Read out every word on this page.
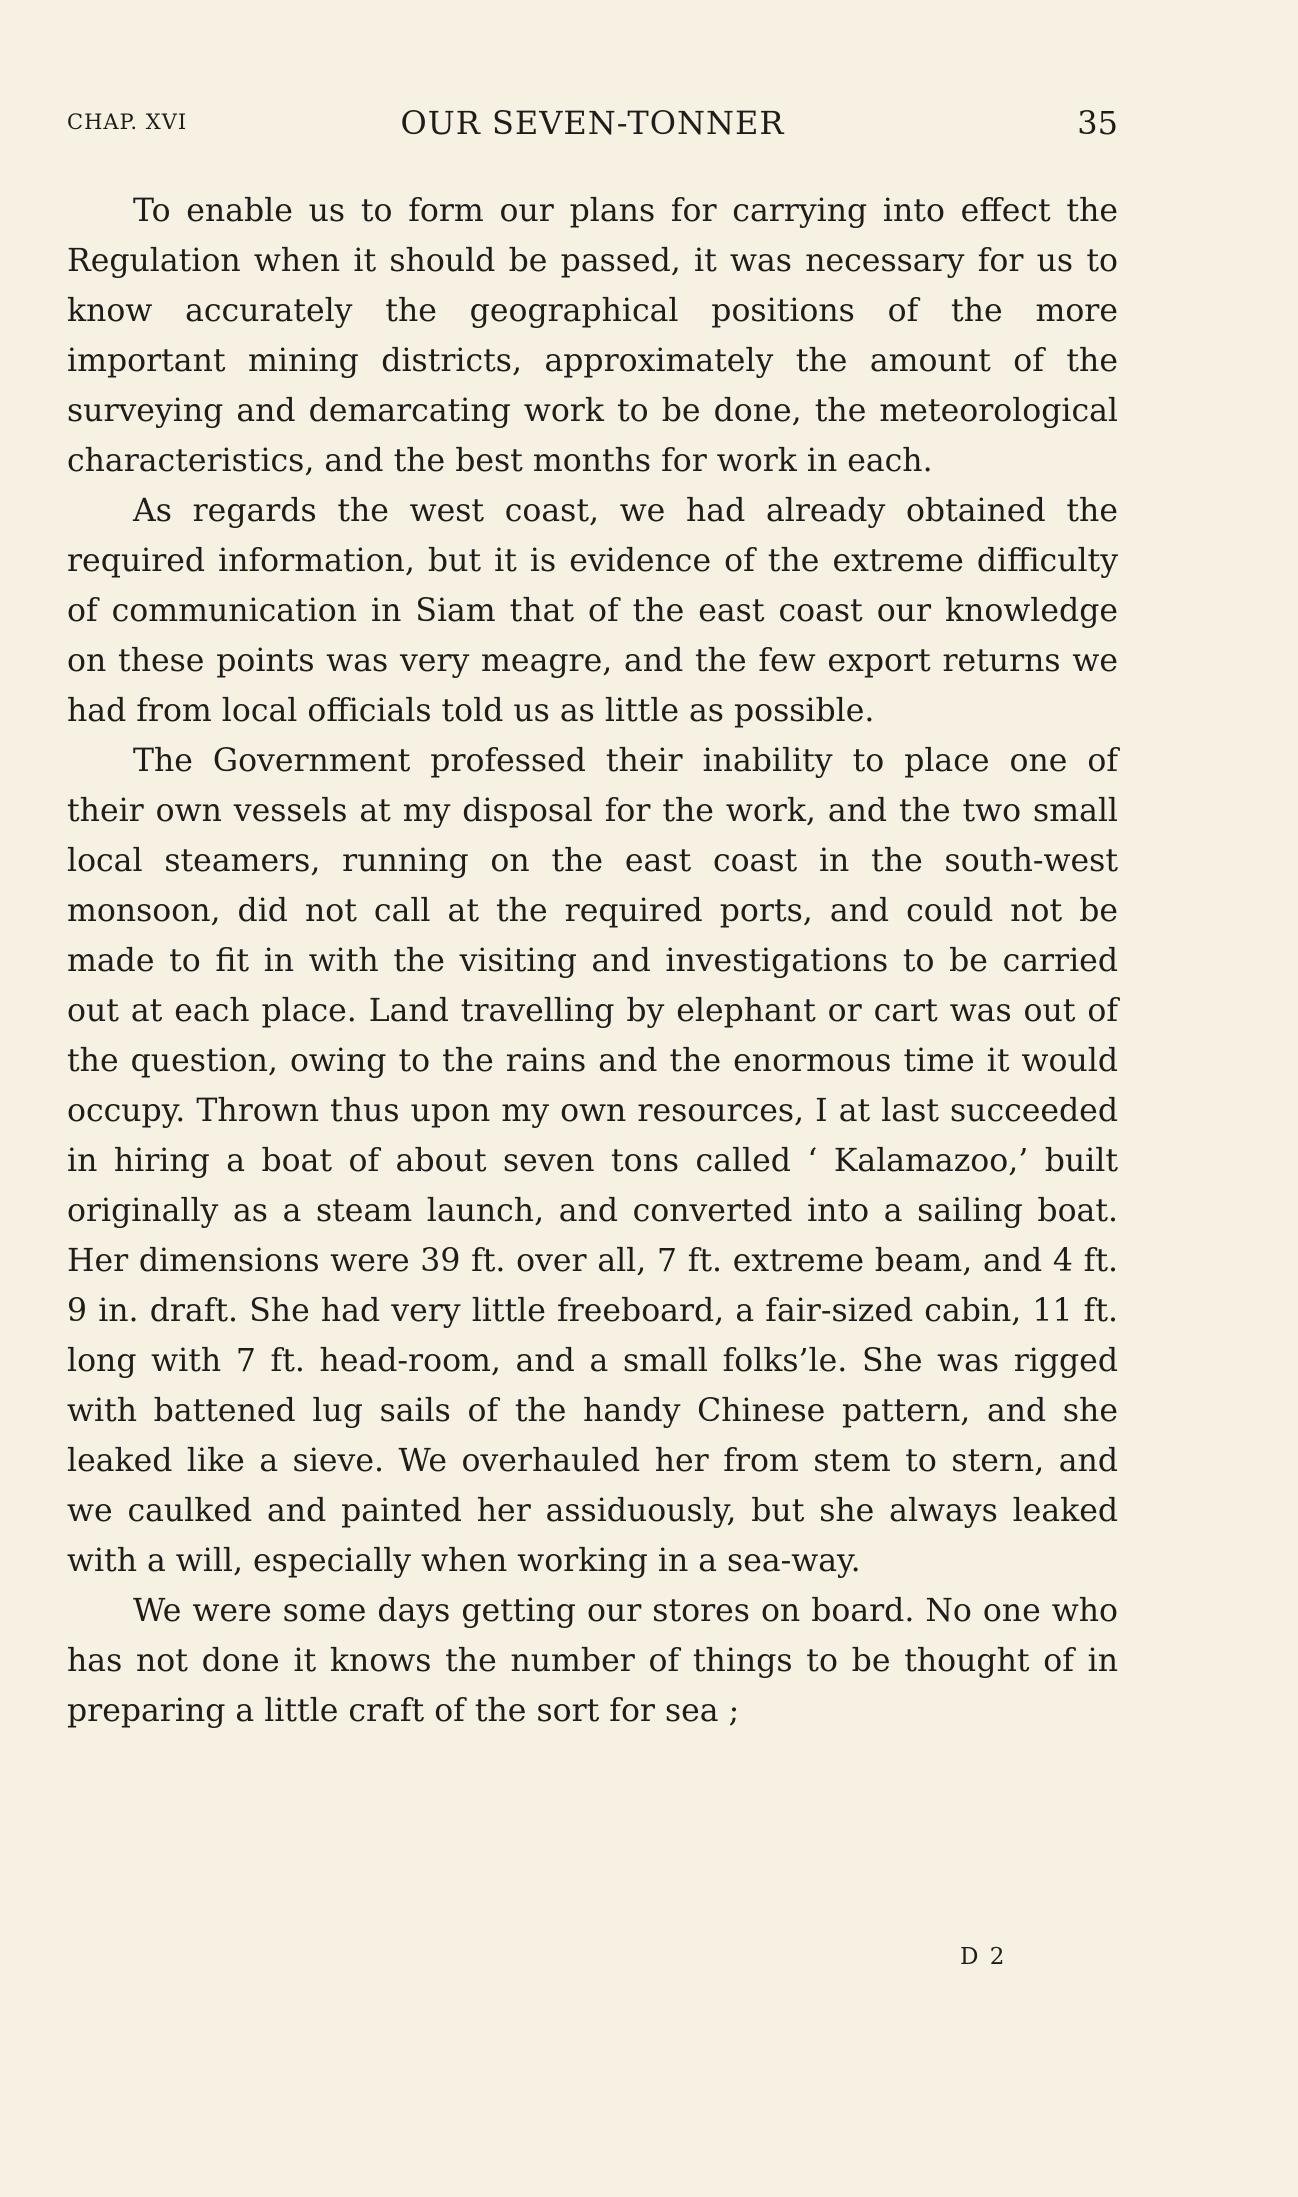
CHAP. XVI	OUR SEVEN-TONNER	35

To enable us to form our plans for carrying into effect the Regulation when it should be passed, it was necessary for us to know accurately the geographical positions of the more important mining districts, approximately the amount of the surveying and demarcating work to be done, the meteorological characteristics, and the best months for work in each.

As regards the west coast, we had already obtained the required information, but it is evidence of the extreme difficulty of communication in Siam that of the east coast our knowledge on these points was very meagre, and the few export returns we had from local officials told us as little as possible.

The Government professed their inability to place one of their own vessels at my disposal for the work, and the two small local steamers, running on the east coast in the south-west monsoon, did not call at the required ports, and could not be made to fit in with the visiting and investigations to be carried out at each place. Land travelling by elephant or cart was out of the question, owing to the rains and the enormous time it would occupy. Thrown thus upon my own resources, I at last succeeded in hiring a boat of about seven tons called ‘ Kalamazoo,’ built originally as a steam launch, and converted into a sailing boat. Her dimensions were 39 ft. over all, 7 ft. extreme beam, and 4 ft. 9 in. draft. She had very little freeboard, a fair-sized cabin, 11 ft. long with 7 ft. head-room, and a small folks’le. She was rigged with battened lug sails of the handy Chinese pattern, and she leaked like a sieve. We overhauled her from stem to stern, and we caulked and painted her assiduously, but she always leaked with a will, especially when working in a sea-way.

We were some days getting our stores on board. No one who has not done it knows the number of things to be thought of in preparing a little craft of the sort for sea ;

D 2
